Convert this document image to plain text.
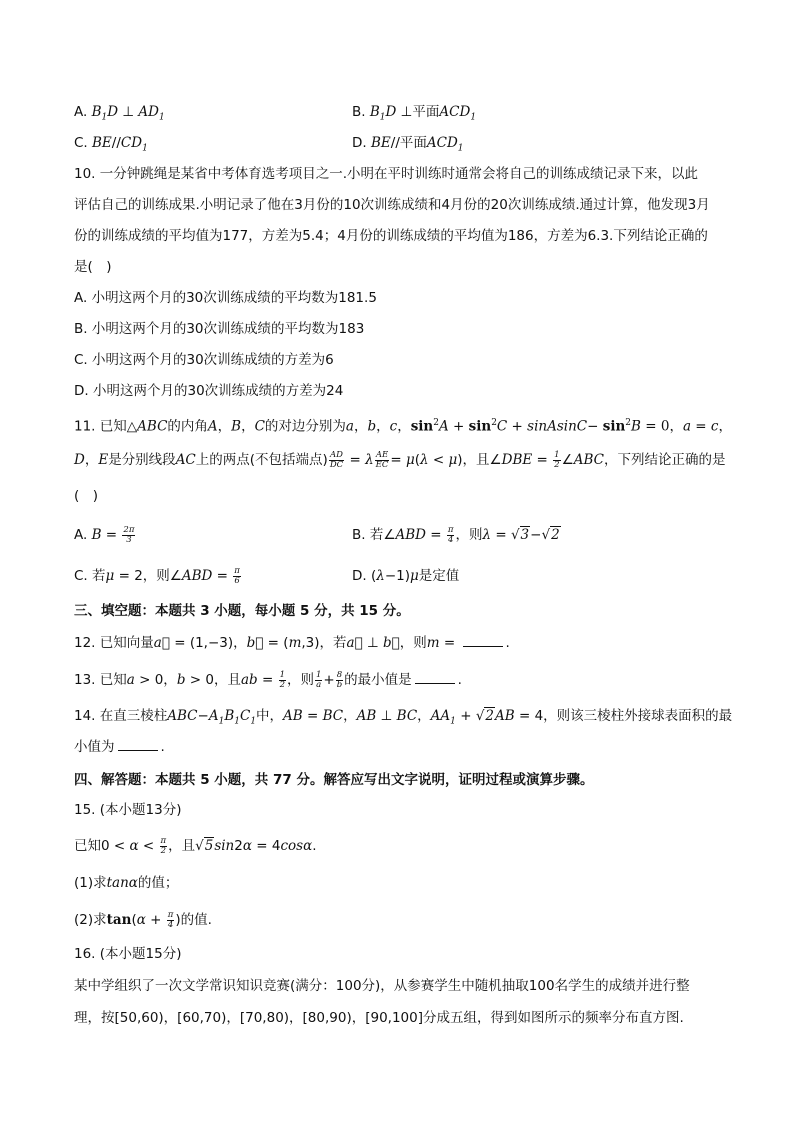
A. $B_1D$ ⊥ $AD_1$	B. $B_1D$ ⊥平面$ACD_1$
C. $BE//CD_1$	D. BE//平面$ACD_1$
10. 一分钟跳绳是某省中考体育选考项目之一.小明在平时训练时通常会将自己的训练成绩记录下来，以此
评估自己的训练成果.小明记录了他在3月份的10次训练成绩和4月份的20次训练成绩.通过计算，他发现3月
份的训练成绩的平均值为177，方差为5.4；4月份的训练成绩的平均值为186，方差为6.3.下列结论正确的
是(　)
A. 小明这两个月的30次训练成绩的平均数为181.5
B. 小明这两个月的30次训练成绩的平均数为183
C. 小明这两个月的30次训练成绩的方差为6
D. 小明这两个月的30次训练成绩的方差为24
11. 已知△ABC的内角A，B，C的对边分别为a，b，c，$\sin^2A + \sin^2C$ + sinAsinC− $\sin^2B = 0$，a = c，
D，E是分别线段AC上的两点(不包括端点) $\frac{AD}{DC} = \lambda \frac{AE}{EC} = \mu(\lambda < \mu)$，且∠DBE = $\frac{1}{2}$ ∠ABC，下列结论正确的是
(　)
A. $B = \frac{2\pi}{3}$	B. 若∠ABD = $\frac{\pi}{4}$ ，则λ = √3−√2
C. 若μ = 2，则∠ABD = $\frac{\pi}{6}$	D. (λ−1)μ是定值
三、填空题：本题共 3 小题，每小题 5 分，共 15 分。
12. 已知向量a⃗ = (1,−3)，b⃗ = (m,3)，若a⃗ ⊥ b⃗，则m =	.
13. 已知a > 0，b > 0，且ab = $\frac{1}{2}$ ，则 $\frac{1}{a} + \frac{8}{b}$ 的最小值是	.
14. 在直三棱柱$ABC-A_1B_1C_1$中，AB = BC，AB ⊥ BC，$AA_1 + √2AB = 4$，则该三棱柱外接球表面积的最
小值为	.
四、解答题：本题共 5 小题，共 77 分。解答应写出文字说明，证明过程或演算步骤。
15. (本小题13分)
已知$0 < \alpha < \frac{\pi}{2}$ ，且√5sin2α = 4cosα.
(1)求tanα的值；
(2)求$\tan(\alpha + \frac{\pi}{4}$ )的值.
16. (本小题15分)
某中学组织了一次文学常识知识竞赛(满分：100分)，从参赛学生中随机抽取100名学生的成绩并进行整
理，按[50,60)，[60,70)，[70,80)，[80,90)，[90,100]分成五组，得到如图所示的频率分布直方图.
